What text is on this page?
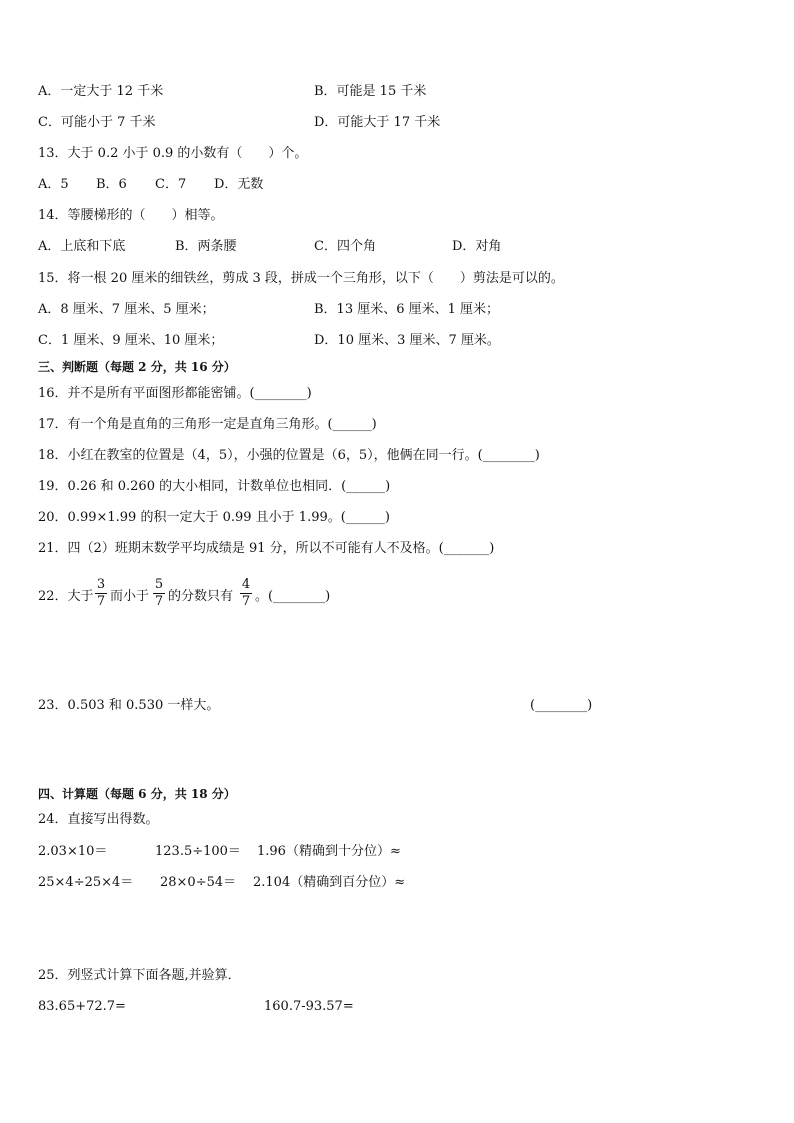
A．一定大于 12 千米	B．可能是 15 千米
C．可能小于 7 千米	D．可能大于 17 千米
13．大于 0.2 小于 0.9 的小数有（　　）个。
A．5 B．6 C．7 D．无数
14．等腰梯形的（　　）相等。
A．上底和下底	B．两条腰	C．四个角	D．对角
15．将一根 20 厘米的细铁丝，剪成 3 段，拼成一个三角形，以下（　　）剪法是可以的。
A．8 厘米、7 厘米、5 厘米；	B．13 厘米、6 厘米、1 厘米；
C．1 厘米、9 厘米、10 厘米；	D．10 厘米、3 厘米、7 厘米。
三、判断题（每题 2 分，共 16 分）
16．并不是所有平面图形都能密铺。(________)
17．有一个角是直角的三角形一定是直角三角形。(______)
18．小红在教室的位置是（4，5），小强的位置是（6，5），他俩在同一行。(________)
19．0.26 和 0.260 的大小相同，计数单位也相同．(______)
20．0.99×1.99 的积一定大于 0.99 且小于 1.99。(______)
21．四（2）班期末数学平均成绩是 91 分，所以不可能有人不及格。(_______)
22．大于
3
7 而小于
5
7 的分数只有
4
7 。(________)
23．0.503 和 0.530 一样大。	(________)
四、计算题（每题 6 分，共 18 分）
24．直接写出得数。
2.03×10＝	123.5÷100＝ 1.96（精确到十分位）≈
25×4÷25×4＝ 28×0÷54＝ 2.104（精确到百分位）≈
25．列竖式计算下面各题,并验算．
83.65+72.7=	160.7-93.57=
